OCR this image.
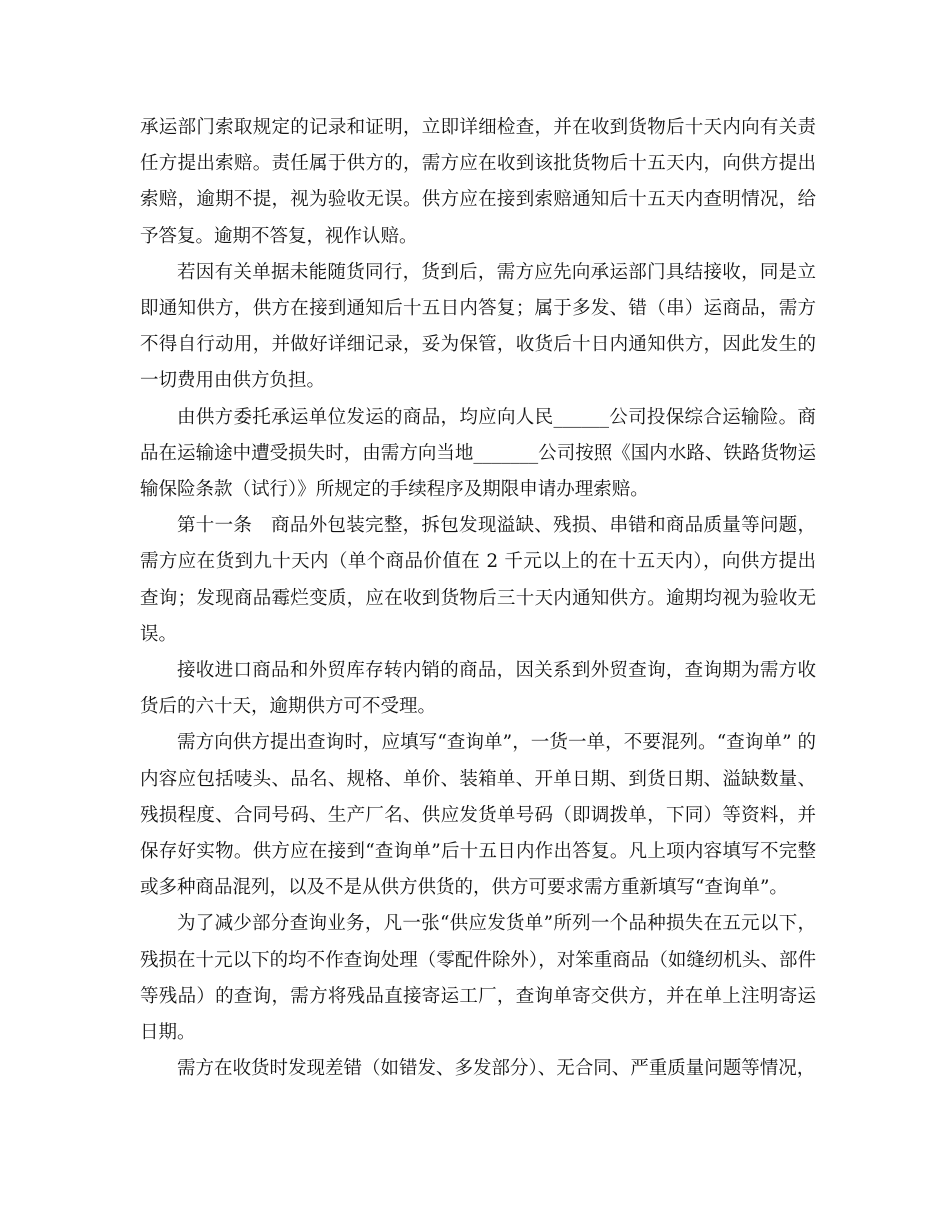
承运部门索取规定的记录和证明，立即详细检查，并在收到货物后十天内向有关责任方提出索赔。责任属于供方的，需方应在收到该批货物后十五天内，向供方提出索赔，逾期不提，视为验收无误。供方应在接到索赔通知后十五天内查明情况，给予答复。逾期不答复，视作认赔。

若因有关单据未能随货同行，货到后，需方应先向承运部门具结接收，同是立即通知供方，供方在接到通知后十五日内答复；属于多发、错（串）运商品，需方不得自行动用，并做好详细记录，妥为保管，收货后十日内通知供方，因此发生的一切费用由供方负担。

由供方委托承运单位发运的商品，均应向人民______公司投保综合运输险。商品在运输途中遭受损失时，由需方向当地_______公司按照《国内水路、铁路货物运输保险条款（试行）》所规定的手续程序及期限申请办理索赔。

第十一条　商品外包装完整，拆包发现溢缺、残损、串错和商品质量等问题，需方应在货到九十天内（单个商品价值在 2 千元以上的在十五天内），向供方提出查询；发现商品霉烂变质，应在收到货物后三十天内通知供方。逾期均视为验收无误。

接收进口商品和外贸库存转内销的商品，因关系到外贸查询，查询期为需方收货后的六十天，逾期供方可不受理。

需方向供方提出查询时，应填写“查询单”，一货一单，不要混列。“查询单” 的内容应包括唛头、品名、规格、单价、装箱单、开单日期、到货日期、溢缺数量、残损程度、合同号码、生产厂名、供应发货单号码（即调拨单，下同）等资料，并保存好实物。供方应在接到“查询单”后十五日内作出答复。凡上项内容填写不完整或多种商品混列，以及不是从供方供货的，供方可要求需方重新填写“查询单”。

为了减少部分查询业务，凡一张“供应发货单”所列一个品种损失在五元以下，残损在十元以下的均不作查询处理（零配件除外），对笨重商品（如缝纫机头、部件等残品）的查询，需方将残品直接寄运工厂，查询单寄交供方，并在单上注明寄运日期。

需方在收货时发现差错（如错发、多发部分）、无合同、严重质量问题等情况，
